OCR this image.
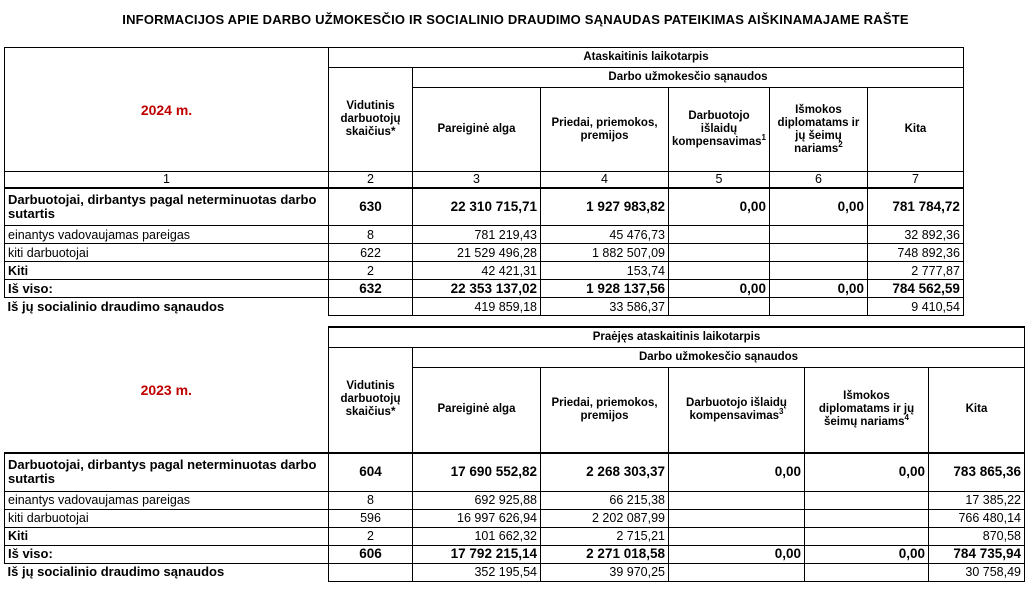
INFORMACIJOS APIE DARBO UŽMOKESČIO IR SOCIALINIO DRAUDIMO SĄNAUDAS PATEIKIMAS AIŠKINAMAJAME RAŠTE
2024 m.	Ataskaitinis laikotarpis					
	Vidutinis darbuotojų skaičius*	Darbo užmokesčio sąnaudos				
		Pareiginė alga	Priedai, priemokos, premijos	Darbuotojo išlaidų kompensavimas$^1$	Išmokos diplomatams ir jų šeimų nariams$^2$	Kita
1	2	3	4	5	6	7
Darbuotojai, dirbantys pagal neterminuotas darbo sutartis	630	22 310 715,71	1 927 983,82	0,00	0,00	781 784,72
einantys vadovaujamas pareigas	8	781 219,43	45 476,73			32 892,36
kiti darbuotojai	622	21 529 496,28	1 882 507,09			748 892,36
Kiti	2	42 421,31	153,74			2 777,87
Iš viso:	632	22 353 137,02	1 928 137,56	0,00	0,00	784 562,59
Iš jų socialinio draudimo sąnaudos		419 859,18	33 586,37			9 410,54
2023 m.	Praėjęs ataskaitinis laikotarpis					
	Vidutinis darbuotojų skaičius*	Darbo užmokesčio sąnaudos				
		Pareiginė alga	Priedai, priemokos, premijos	Darbuotojo išlaidų kompensavimas$^3$	Išmokos diplomatams ir jų šeimų nariams$^4$	Kita
Darbuotojai, dirbantys pagal neterminuotas darbo sutartis	604	17 690 552,82	2 268 303,37	0,00	0,00	783 865,36
einantys vadovaujamas pareigas	8	692 925,88	66 215,38			17 385,22
kiti darbuotojai	596	16 997 626,94	2 202 087,99			766 480,14
Kiti	2	101 662,32	2 715,21			870,58
Iš viso:	606	17 792 215,14	2 271 018,58	0,00	0,00	784 735,94
Iš jų socialinio draudimo sąnaudos		352 195,54	39 970,25			30 758,49
